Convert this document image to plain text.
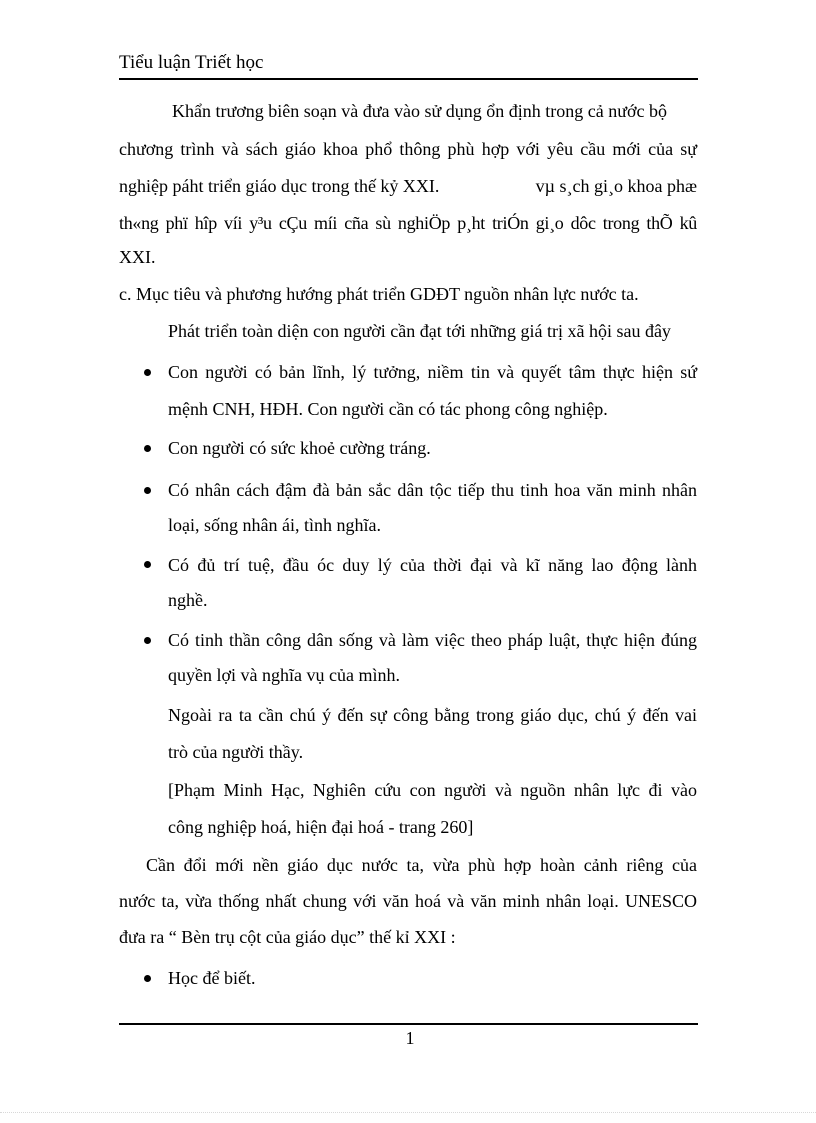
Tiểu luận Triết học
Khẩn trương biên soạn và đưa vào sử dụng ổn định trong cả nước bộ
chương trình và sách giáo khoa phổ thông phù hợp với yêu cầu mới của sự
nghiệp páht triển giáo dục trong thế kỷ XXI.	vµ s¸ch gi¸o khoa phæ
th«ng phï hîp víi y³u cÇu míi cña sù nghiÖp p¸ht triÓn gi¸o dôc trong thÕ kû
XXI.
c. Mục tiêu và phương hướng phát triển GDĐT nguồn nhân lực nước ta.
Phát triển toàn diện con người cần đạt tới những giá trị xã hội sau đây
Con người có bản lĩnh, lý tưởng, niềm tin và quyết tâm thực hiện sứ
mệnh CNH, HĐH. Con người cần có tác phong công nghiệp.
Con người có sức khoẻ cường tráng.
Có nhân cách đậm đà bản sắc dân tộc tiếp thu tinh hoa văn minh nhân
loại, sống nhân ái, tình nghĩa.
Có đủ trí tuệ, đầu óc duy lý của thời đại và kĩ năng lao động lành
nghề.
Có tinh thần công dân sống và làm việc theo pháp luật, thực hiện đúng
quyền lợi và nghĩa vụ của mình.
Ngoài ra ta cần chú ý đến sự công bằng trong giáo dục, chú ý đến vai
trò của người thầy.
[Phạm Minh Hạc, Nghiên cứu con người và nguồn nhân lực đi vào
công nghiệp hoá, hiện đại hoá - trang 260]
Cần đổi mới nền giáo dục nước ta, vừa phù hợp hoàn cảnh riêng của
nước ta, vừa thống nhất chung với văn hoá và văn minh nhân loại. UNESCO
đưa ra “ Bèn trụ cột của giáo dục” thế kỉ XXI :
Học để biết.
1
